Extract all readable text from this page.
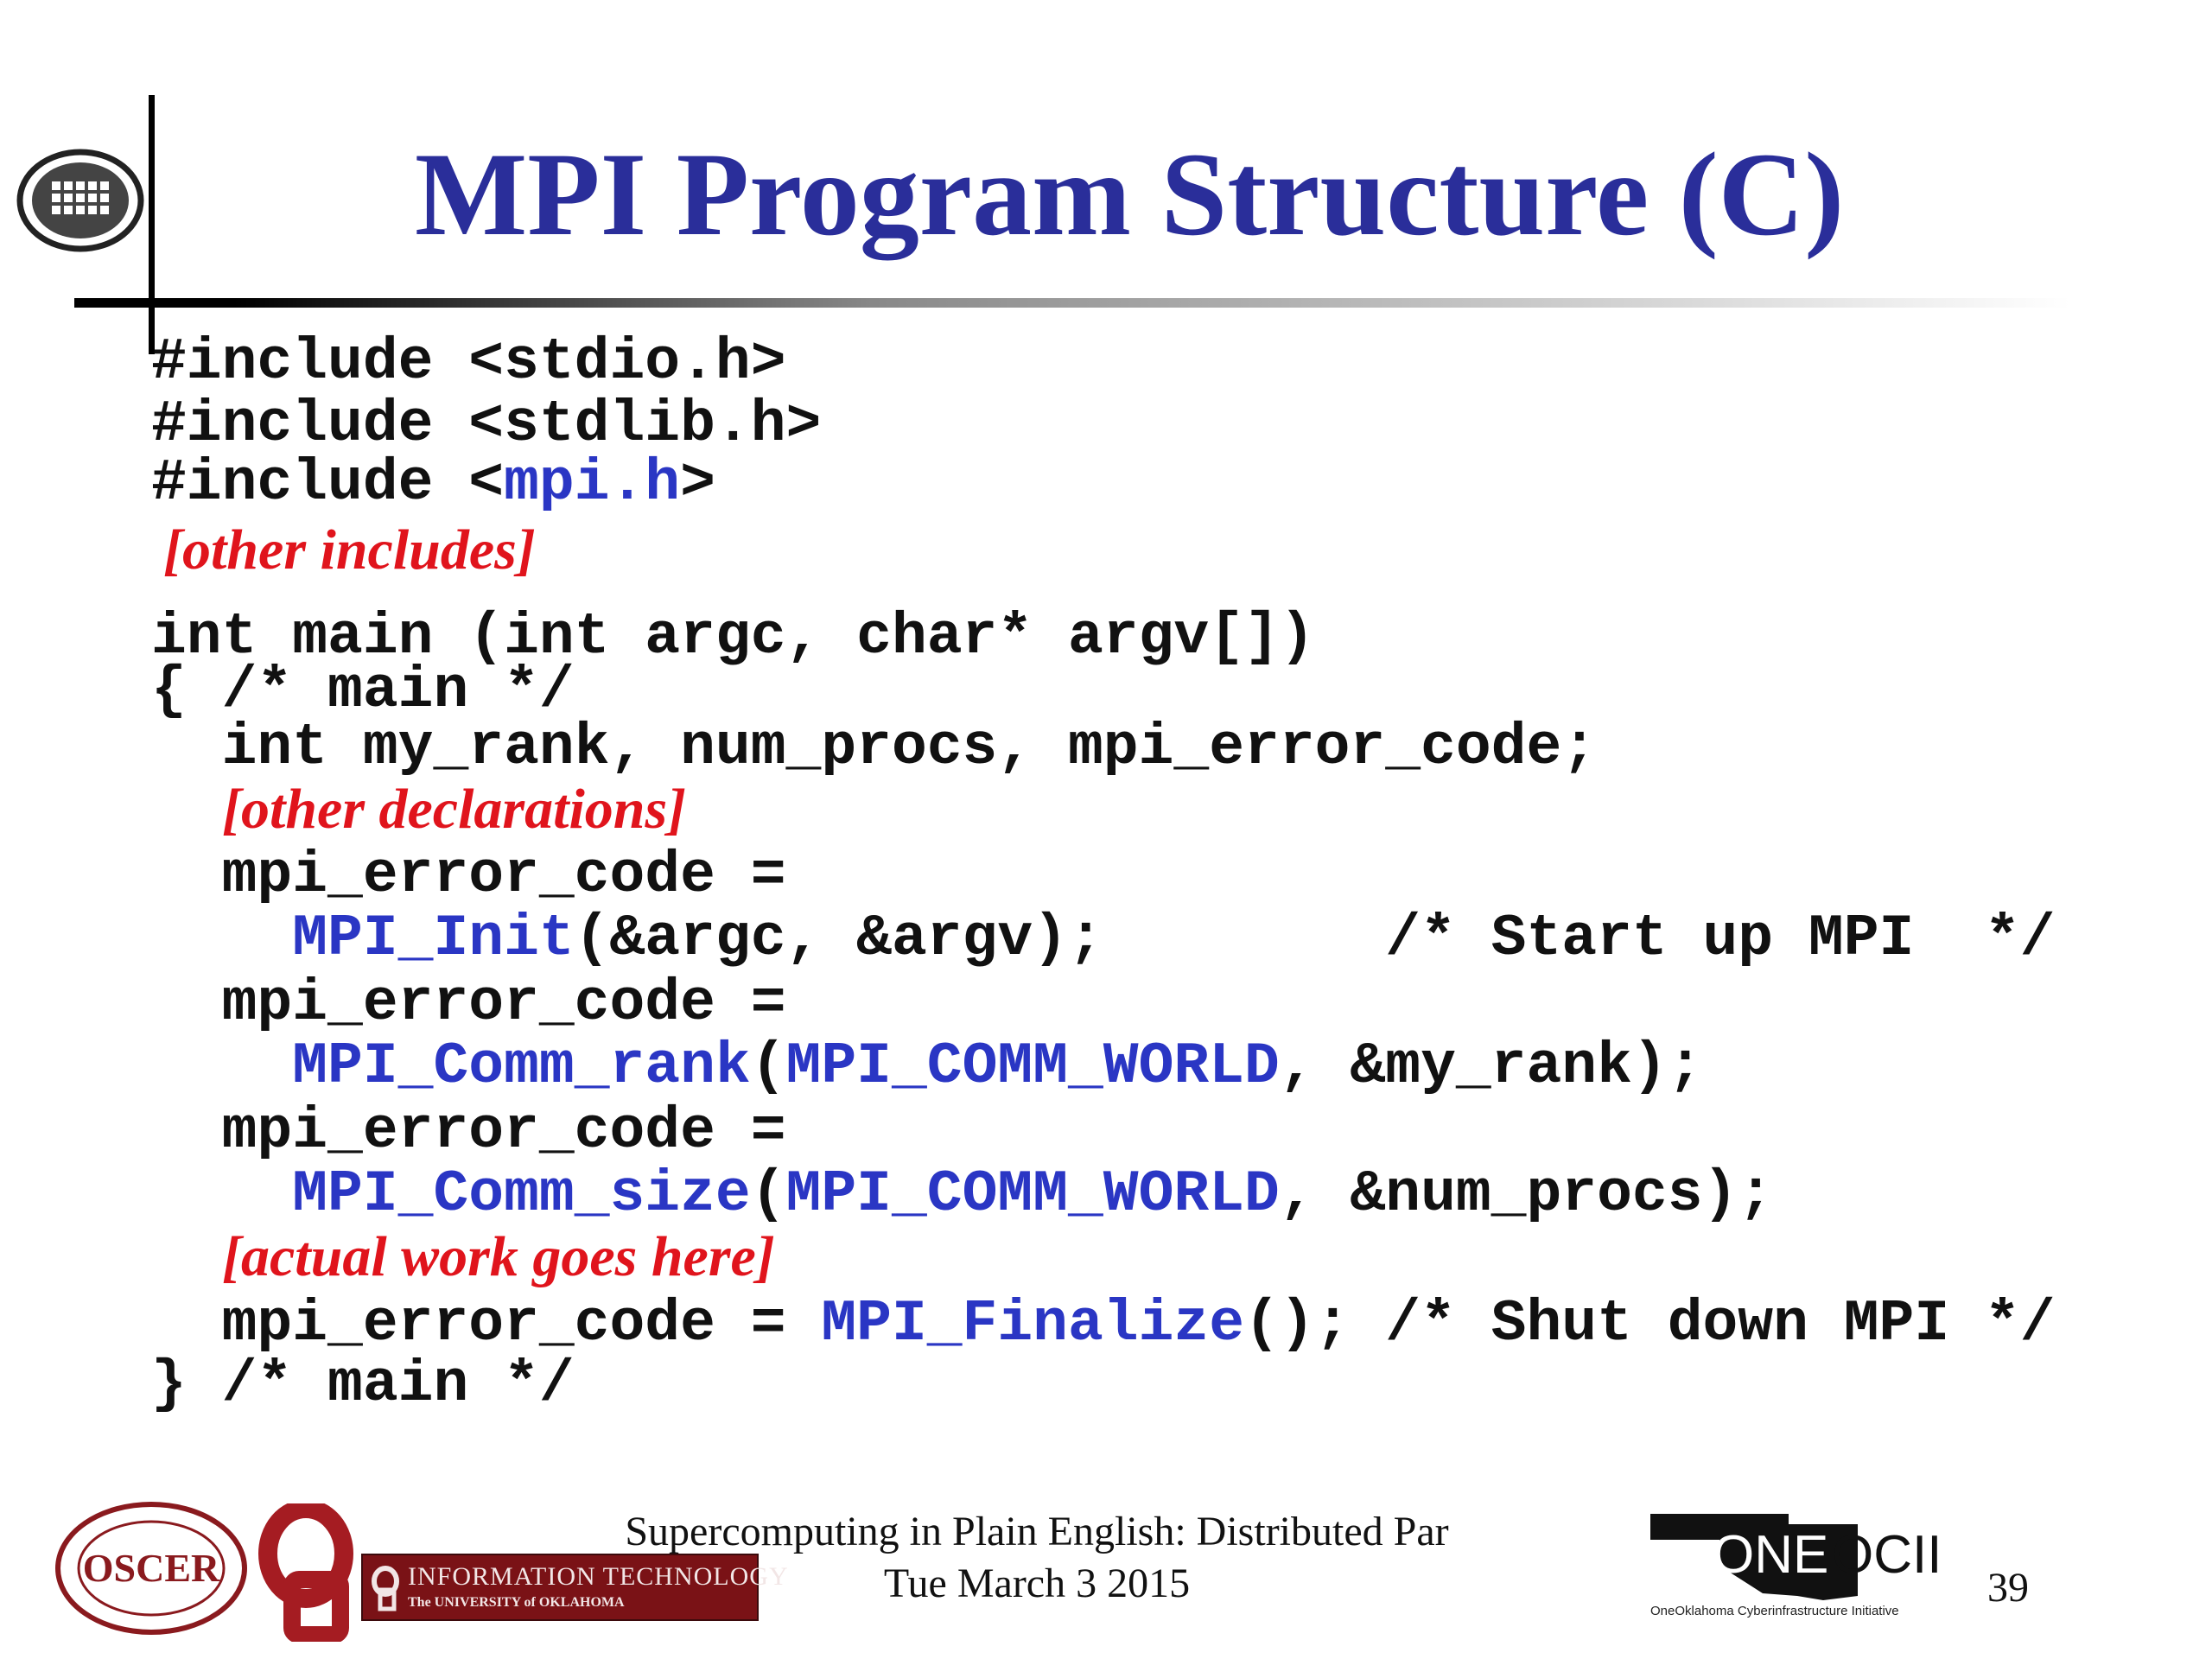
MPI Program Structure (C)
#include <stdio.h>
#include <stdlib.h>
#include <mpi.h>
[other includes]
int main (int argc, char* argv[])
{ /* main */
int my_rank, num_procs, mpi_error_code;
[other declarations]
mpi_error_code =
MPI_Init(&argc, &argv);        /* Start up MPI  */
mpi_error_code =
MPI_Comm_rank(MPI_COMM_WORLD, &my_rank);
mpi_error_code =
MPI_Comm_size(MPI_COMM_WORLD, &num_procs);
[actual work goes here]
mpi_error_code = MPI_Finalize(); /* Shut down MPI */
} /* main */
OSCER	INFORMATION TECHNOLOGY
The UNIVERSITY of OKLAHOMA
Supercomputing in Plain English: Distributed Par
Tue March 3 2015	ONE OCII
OneOklahoma Cyberinfrastructure Initiative
39
